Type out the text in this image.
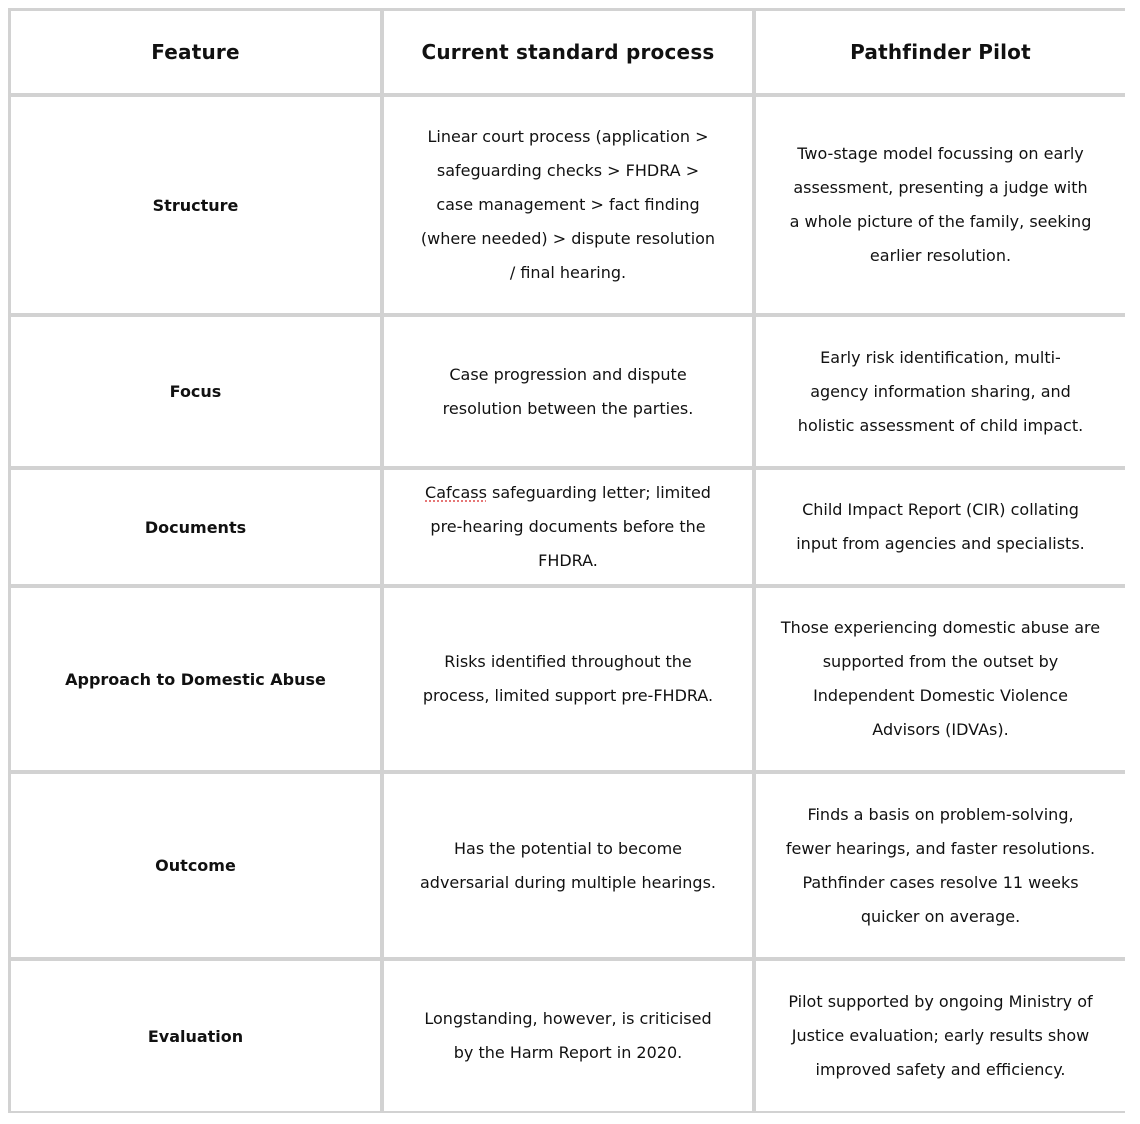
Feature	Current standard process	Pathfinder Pilot
Structure
Linear court process (application > safeguarding checks > FHDRA > case management > fact finding (where needed) > dispute resolution / final hearing.
Two-stage model focussing on early assessment, presenting a judge with a whole picture of the family, seeking earlier resolution.
Focus
Case progression and dispute resolution between the parties.
Early risk identification, multi-agency information sharing, and holistic assessment of child impact.
Documents
Cafcass safeguarding letter; limited pre-hearing documents before the FHDRA.
Child Impact Report (CIR) collating input from agencies and specialists.
Approach to Domestic Abuse
Risks identified throughout the process, limited support pre-FHDRA.
Those experiencing domestic abuse are supported from the outset by Independent Domestic Violence Advisors (IDVAs).
Outcome
Has the potential to become adversarial during multiple hearings.
Finds a basis on problem-solving, fewer hearings, and faster resolutions. Pathfinder cases resolve 11 weeks quicker on average.
Evaluation
Longstanding, however, is criticised by the Harm Report in 2020.
Pilot supported by ongoing Ministry of Justice evaluation; early results show improved safety and efficiency.
